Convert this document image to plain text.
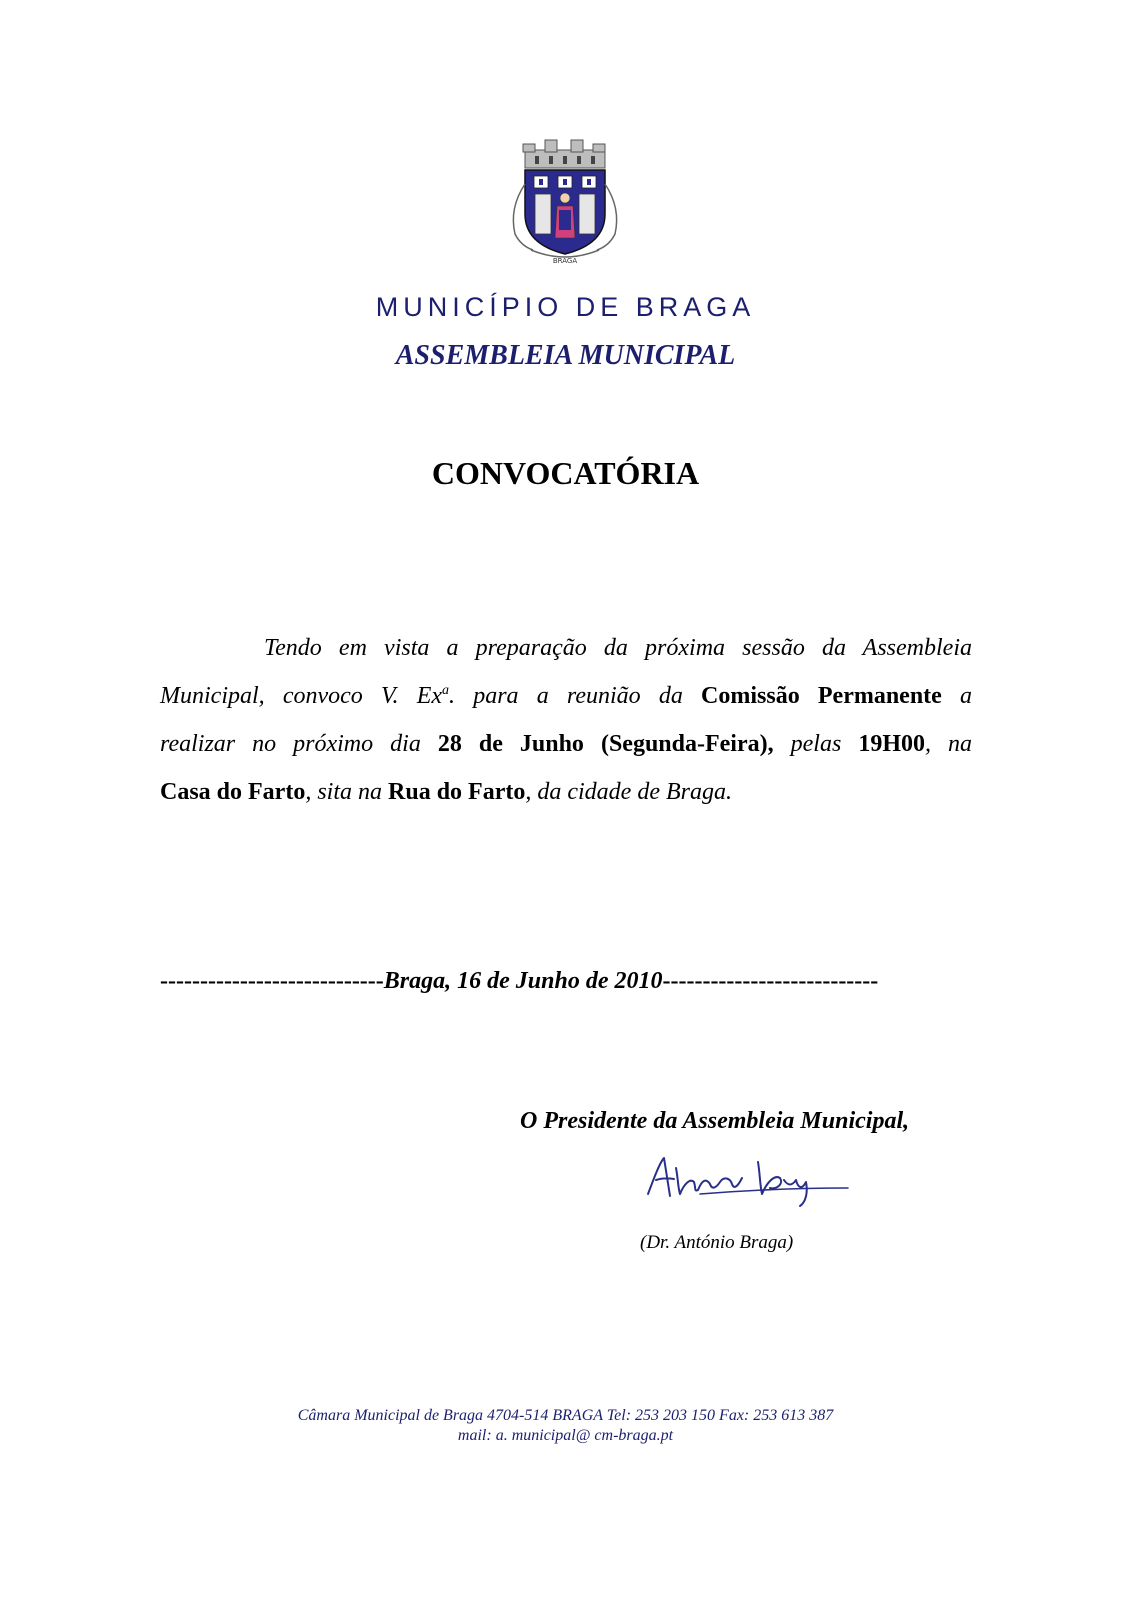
BRAGA
MUNICÍPIO DE BRAGA
ASSEMBLEIA MUNICIPAL
CONVOCATÓRIA
Tendo em vista a preparação da próxima sessão da Assembleia
Municipal, convoco V. Ex$^a$. para a reunião da Comissão Permanente a
realizar no próximo dia 28 de Junho (Segunda-Feira), pelas 19H00, na
Casa do Farto, sita na Rua do Farto, da cidade de Braga.
----------------------------Braga, 16 de Junho de 2010---------------------------
O Presidente da Assembleia Municipal,
(Dr. António Braga)
Câmara Municipal de Braga 4704-514 BRAGA Tel: 253 203 150 Fax: 253 613 387
mail: a. municipal@ cm-braga.pt
